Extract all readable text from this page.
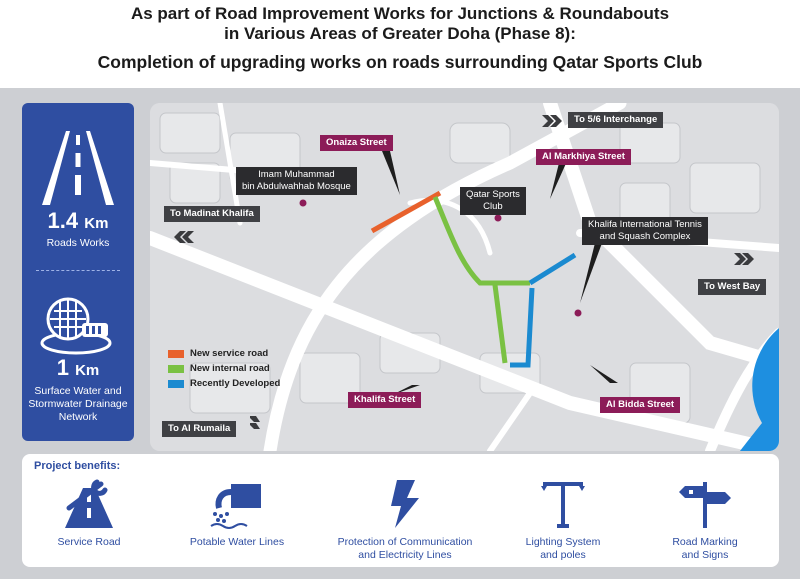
As part of Road Improvement Works for Junctions & Roundabouts

in Various Areas of Greater Doha (Phase 8):

Completion of upgrading works on roads surrounding Qatar Sports Club

1.4 Km
Roads Works
1 Km
Surface Water and
Stormwater Drainage
Network
Onaiza Street
To 5/6 Interchange
Al Markhiya Street
Imam Muhammad
bin Abdulwahhab Mosque
Qatar Sports
Club
To Madinat Khalifa
Khalifa International Tennis
and Squash Complex
To West Bay
Khalifa Street	Al Bidda Street
To Al Rumaila
New service road
New internal road
Recently Developed
Project benefits:
Service Road	Potable Water Lines	Protection of Communication
and Electricity Lines
Lighting System
and poles
Road Marking
and Signs
